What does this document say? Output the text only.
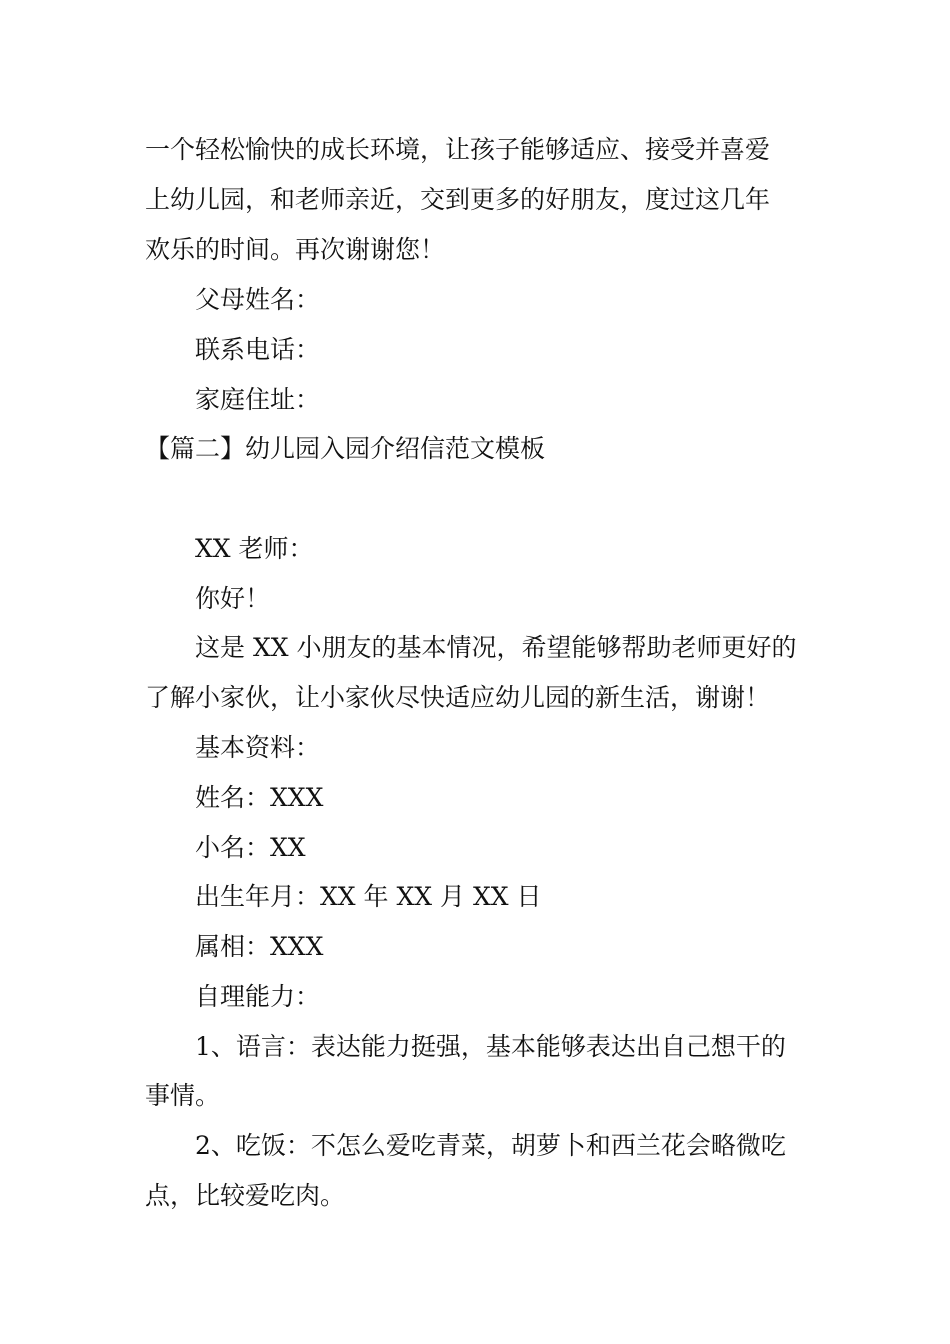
一个轻松愉快的成长环境，让孩子能够适应、接受并喜爱
上幼儿园，和老师亲近，交到更多的好朋友，度过这几年
欢乐的时间。再次谢谢您！
父母姓名：
联系电话：
家庭住址：
【篇二】幼儿园入园介绍信范文模板
XX 老师：
你好！
这是 XX 小朋友的基本情况，希望能够帮助老师更好的
了解小家伙，让小家伙尽快适应幼儿园的新生活，谢谢！
基本资料：
姓名：XXX
小名：XX
出生年月：XX 年 XX 月 XX 日
属相：XXX
自理能力：
1、语言：表达能力挺强，基本能够表达出自己想干的
事情。
2、吃饭：不怎么爱吃青菜，胡萝卜和西兰花会略微吃
点，比较爱吃肉。
